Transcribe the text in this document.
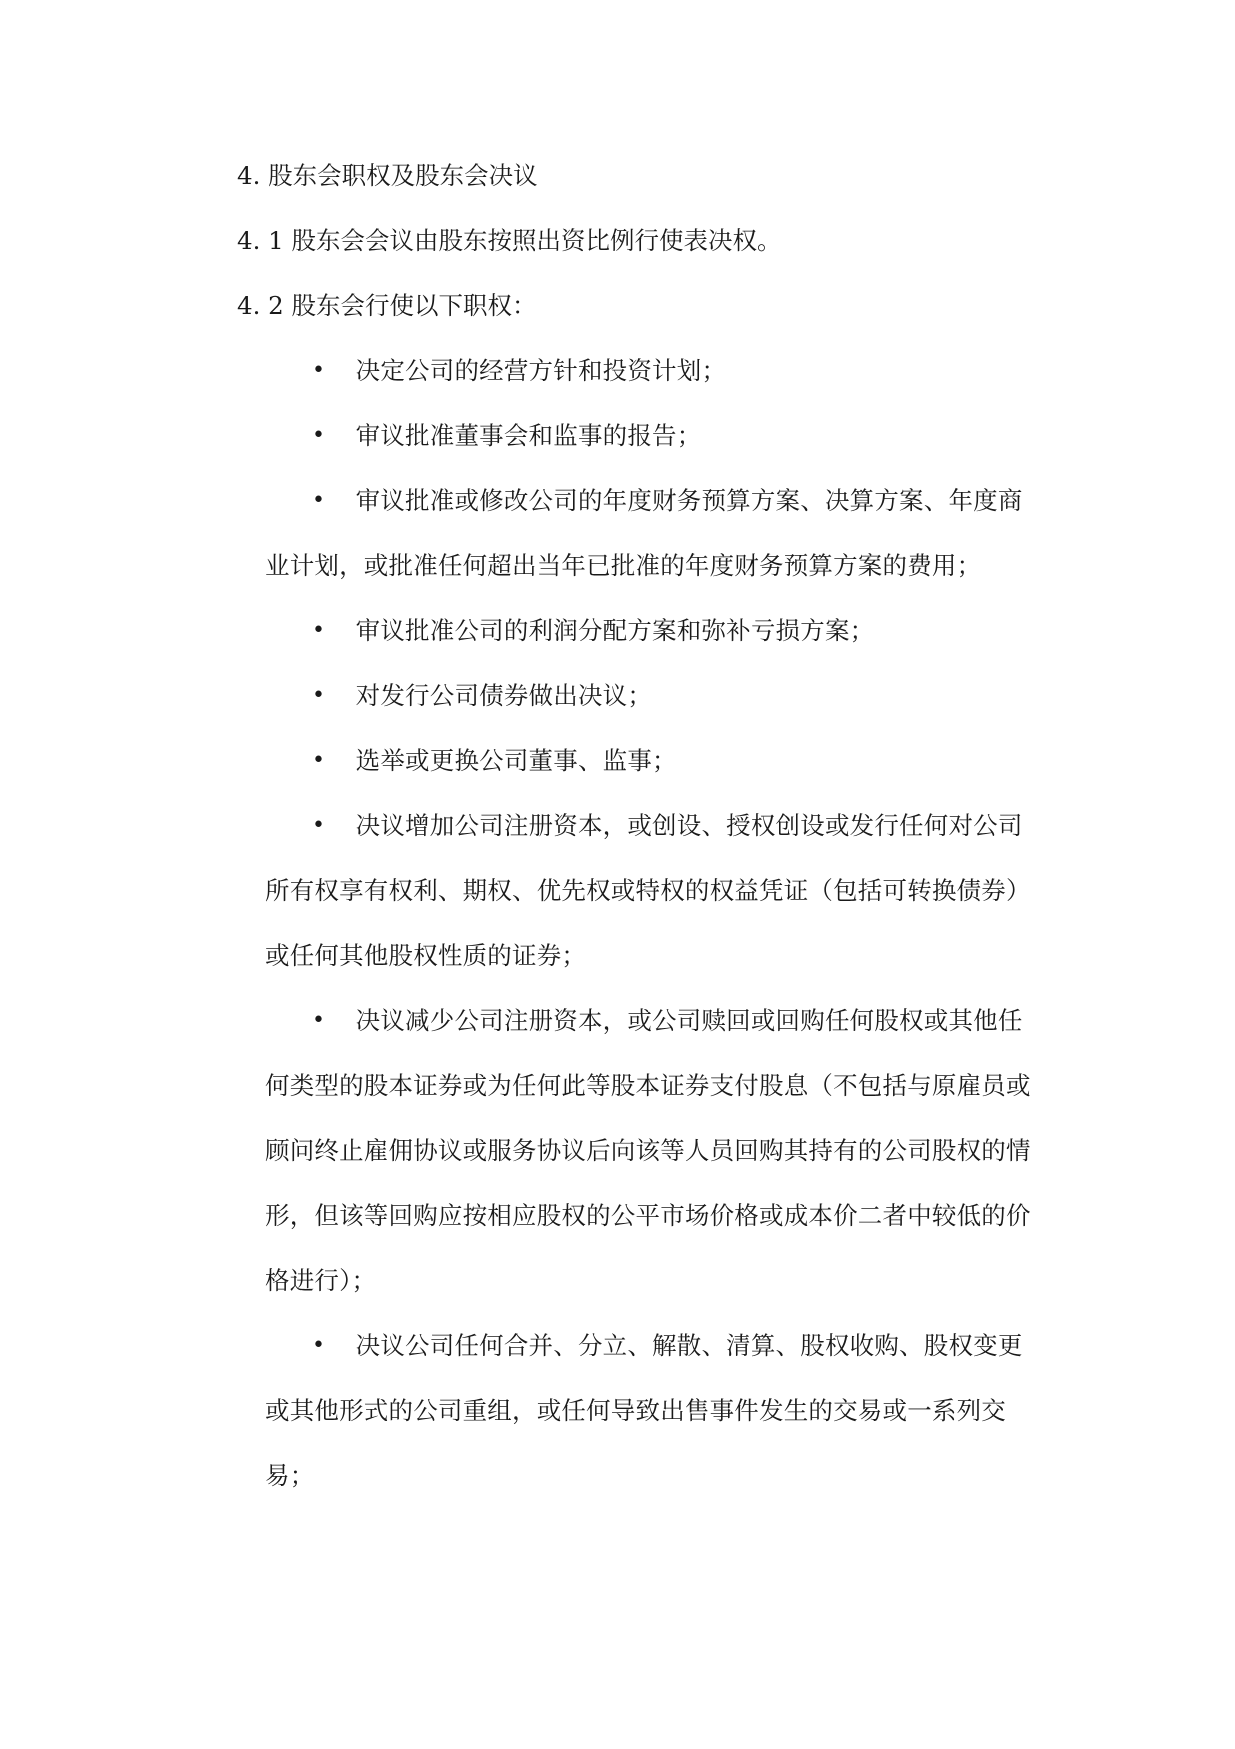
4. 股东会职权及股东会决议

4. 1 股东会会议由股东按照出资比例行使表决权。

4. 2 股东会行使以下职权：

• 决定公司的经营方针和投资计划；

• 审议批准董事会和监事的报告；

• 审议批准或修改公司的年度财务预算方案、决算方案、年度商业计划，或批准任何超出当年已批准的年度财务预算方案的费用；

• 审议批准公司的利润分配方案和弥补亏损方案；

• 对发行公司债券做出决议；

• 选举或更换公司董事、监事；

• 决议增加公司注册资本，或创设、授权创设或发行任何对公司所有权享有权利、期权、优先权或特权的权益凭证（包括可转换债券）或任何其他股权性质的证券；

• 决议减少公司注册资本，或公司赎回或回购任何股权或其他任何类型的股本证券或为任何此等股本证券支付股息（不包括与原雇员或顾问终止雇佣协议或服务协议后向该等人员回购其持有的公司股权的情形，但该等回购应按相应股权的公平市场价格或成本价二者中较低的价格进行）；

• 决议公司任何合并、分立、解散、清算、股权收购、股权变更或其他形式的公司重组，或任何导致出售事件发生的交易或一系列交易；
